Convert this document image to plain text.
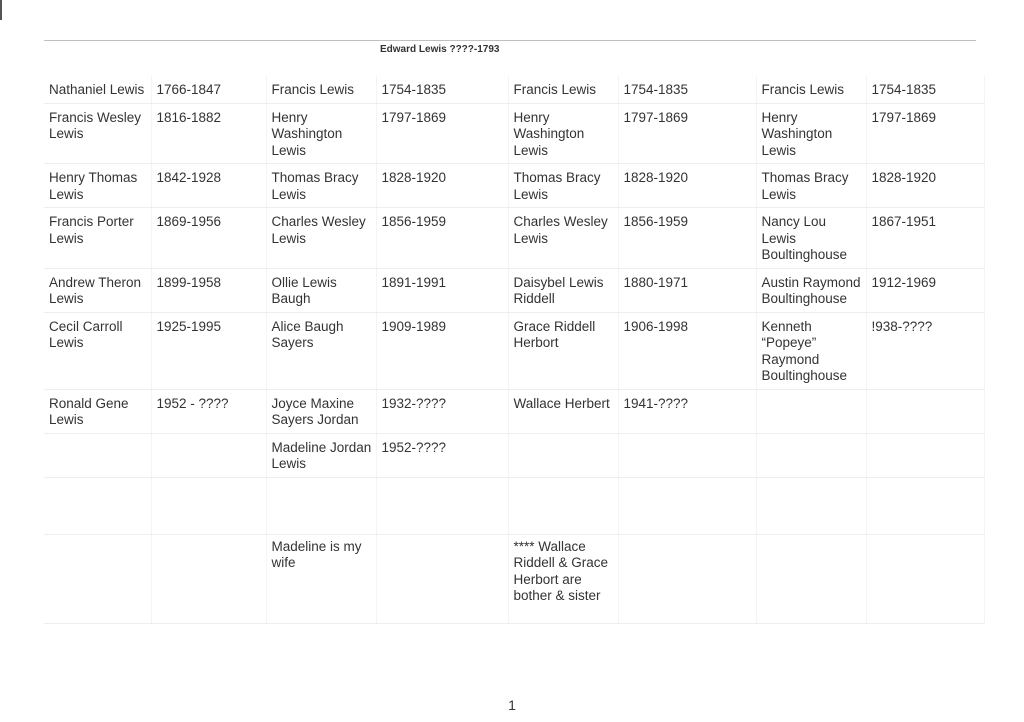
Edward Lewis ????-1793
Nathaniel Lewis	1766-1847	Francis Lewis	1754-1835	Francis Lewis	1754-1835	Francis Lewis	1754-1835
Francis Wesley Lewis	1816-1882	Henry Washington Lewis	1797-1869	Henry Washington Lewis	1797-1869	Henry Washington Lewis	1797-1869
Henry Thomas Lewis	1842-1928	Thomas Bracy Lewis	1828-1920	Thomas Bracy Lewis	1828-1920	Thomas Bracy Lewis	1828-1920
Francis Porter Lewis	1869-1956	Charles Wesley Lewis	1856-1959	Charles Wesley Lewis	1856-1959	Nancy Lou Lewis Boultinghouse	1867-1951
Andrew Theron Lewis	1899-1958	Ollie Lewis Baugh	1891-1991	Daisybel Lewis Riddell	1880-1971	Austin Raymond Boultinghouse	1912-1969
Cecil Carroll Lewis	1925-1995	Alice Baugh Sayers	1909-1989	Grace Riddell Herbort	1906-1998	Kenneth “Popeye” Raymond Boultinghouse	!938-????
Ronald Gene Lewis	1952 - ????	Joyce Maxine Sayers Jordan	1932-????	Wallace Herbert	1941-????		
		Madeline Jordan Lewis	1952-????				

		Madeline is my wife		**** Wallace Riddell & Grace Herbort are bother & sister			
1
